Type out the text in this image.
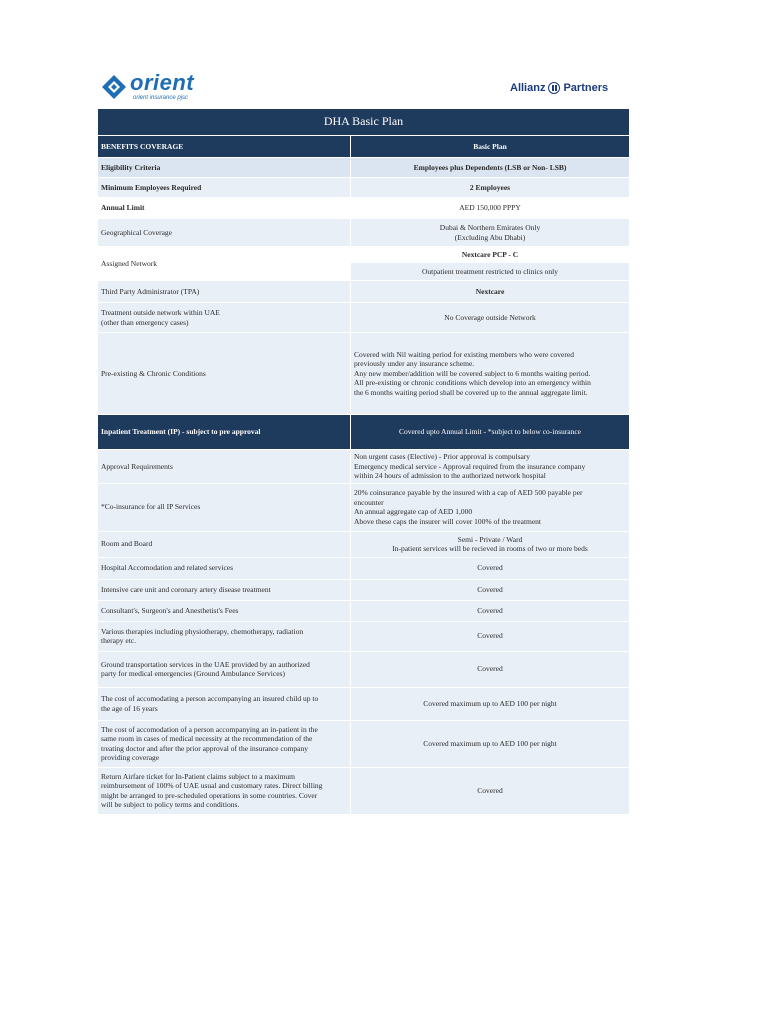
orient
orient insurance pjsc
Allianz Partners
DHA Basic Plan	
BENEFITS COVERAGE	Basic Plan
Eligibility Criteria	Employees plus Dependents (LSB or Non- LSB)
Minimum Employees Required	2 Employees
Annual Limit	AED 150,000 PPPY
Geographical Coverage	Dubai & Northern Emirates Only
(Excluding Abu Dhabi)

Assigned Network	Nextcare PCP - C
	Outpatient treatment restricted to clinics only
Third Party Administrator (TPA)	Nextcare

Treatment outside network within UAE
(other than emergency cases)	No Coverage outside Network
Pre-existing & Chronic Conditions	Covered with Nil waiting period for existing members who were covered
previously under any insurance scheme.
Any new member/addition will be covered subject to 6 months waiting period.
All pre-existing or chronic conditions which develop into an emergency within
the 6 months waiting period shall be covered up to the annual aggregate limit.

Inpatient Treatment (IP) - subject to pre approval	Covered upto Annual Limit - *subject to below co-insurance
Approval Requirements	Non urgent cases (Elective) - Prior approval is compulsary
Emergency medical service - Approval required from the insurance company
within 24 hours of admission to the authorized network hospital

*Co-insurance for all IP Services	20% coinsurance payable by the insured with a cap of AED 500 payable per
encounter
An annual aggregate cap of AED 1,000
Above these caps the insurer will cover 100% of the treatment

Room and Board	Semi - Private / Ward
In-patient services will be recieved in rooms of two or more beds

Hospital Accomodation and related services	Covered
Intensive care unit and coronary artery disease treatment	Covered
Consultant's, Surgeon's and Anesthetist's Fees	Covered

Various therapies including physiotherapy, chemotherapy, radiation
therapy etc.	Covered

Ground transportation services in the UAE provided by an authorized
party for medical emergencies (Ground Ambulance Services)	Covered

The cost of accomodating a person accompanying an insured child up to
the age of 16 years	Covered maximum up to AED 100 per night

The cost of accomodation of a person accompanying an in-patient in the
same room in cases of medical necessity at the recommendation of the
treating doctor and after the prior approval of the insurance company
providing coverage	Covered maximum up to AED 100 per night

Return Airfare ticket for In-Patient claims subject to a maximum
reimbursement of 100% of UAE usual and customary rates. Direct billing
might be arranged to pre-scheduled operations in some countries. Cover
will be subject to policy terms and conditions.	Covered
